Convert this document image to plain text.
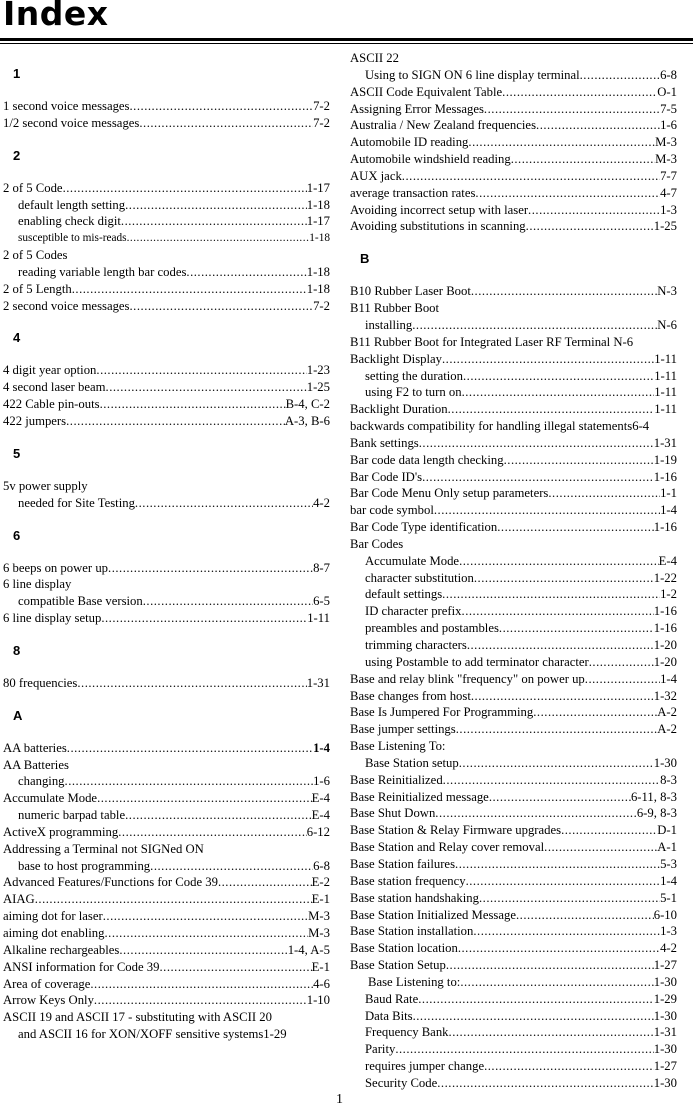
Index
1
1 second voice messages .....	7-2
1/2 second voice messages .....	7-2
2
2 of 5 Code .....	1-17
default length setting .....	1-18
enabling check digit .....	1-17
susceptible to mis-reads .....	1-18
2 of 5 Codes
reading variable length bar codes .....	1-18
2 of 5 Length .....	1-18
2 second voice messages .....	7-2
4
4 digit year option .....	1-23
4 second laser beam .....	1-25
422 Cable pin-outs .....	B-4, C-2
422 jumpers .....	A-3, B-6
5
5v power supply
needed for Site Testing .....	4-2
6
6 beeps on power up .....	8-7
6 line display
compatible Base version .....	6-5
6 line display setup .....	1-11
8
80 frequencies .....	1-31
A
AA batteries .....	1-4
AA Batteries
changing .....	1-6
Accumulate Mode .....	E-4
numeric barpad table .....	E-4
ActiveX programming .....	6-12
Addressing a Terminal not SIGNed ON
base to host programming .....	6-8
Advanced Features/Functions for Code 39 .....	E-2
AIAG .....	E-1
aiming dot for laser .....	M-3
aiming dot enabling .....	M-3
Alkaline rechargeables .....	1-4, A-5
ANSI information for Code 39 .....	E-1
Area of coverage .....	4-6
Arrow Keys Only .....	1-10
ASCII 19 and ASCII 17 - substituting with ASCII 20
and ASCII 16 for XON/XOFF sensitive systems1-29
ASCII 22
Using to SIGN ON 6 line display terminal .....	6-8
ASCII Code Equivalent Table .....	O-1
Assigning Error Messages .....	7-5
Australia / New Zealand frequencies .....	1-6
Automobile ID reading .....	M-3
Automobile windshield reading .....	M-3
AUX jack .....	7-7
average transaction rates .....	4-7
Avoiding incorrect setup with laser .....	1-3
Avoiding substitutions in scanning .....	1-25
B
B10 Rubber Laser Boot .....	N-3
B11 Rubber Boot
installing .....	N-6
B11 Rubber Boot for Integrated Laser RF Terminal N-6
Backlight Display .....	1-11
setting the duration .....	1-11
using F2 to turn on .....	1-11
Backlight Duration .....	1-11
backwards compatibility for handling illegal statements6-4
Bank settings .....	1-31
Bar code data length checking .....	1-19
Bar Code ID's .....	1-16
Bar Code Menu Only setup parameters .....	1-1
bar code symbol .....	1-4
Bar Code Type identification .....	1-16
Bar Codes
Accumulate Mode .....	E-4
character substitution .....	1-22
default settings .....	1-2
ID character prefix .....	1-16
preambles and postambles .....	1-16
trimming characters .....	1-20
using Postamble to add terminator character .....	1-20
Base and relay blink "frequency" on power up .....	1-4
Base changes from host .....	1-32
Base Is Jumpered For Programming .....	A-2
Base jumper settings .....	A-2
Base Listening To:
Base Station setup .....	1-30
Base Reinitialized .....	8-3
Base Reinitialized message .....	6-11, 8-3
Base Shut Down .....	6-9, 8-3
Base Station & Relay Firmware upgrades .....	D-1
Base Station and Relay cover removal .....	A-1
Base Station failures .....	5-3
Base station frequency .....	1-4
Base station handshaking .....	5-1
Base Station Initialized Message .....	6-10
Base Station installation .....	1-3
Base Station location .....	4-2
Base Station Setup .....	1-27
Base Listening to: .....	1-30
Baud Rate .....	1-29
Data Bits .....	1-30
Frequency Bank .....	1-31
Parity .....	1-30
requires jumper change .....	1-27
Security Code .....	1-30
1
